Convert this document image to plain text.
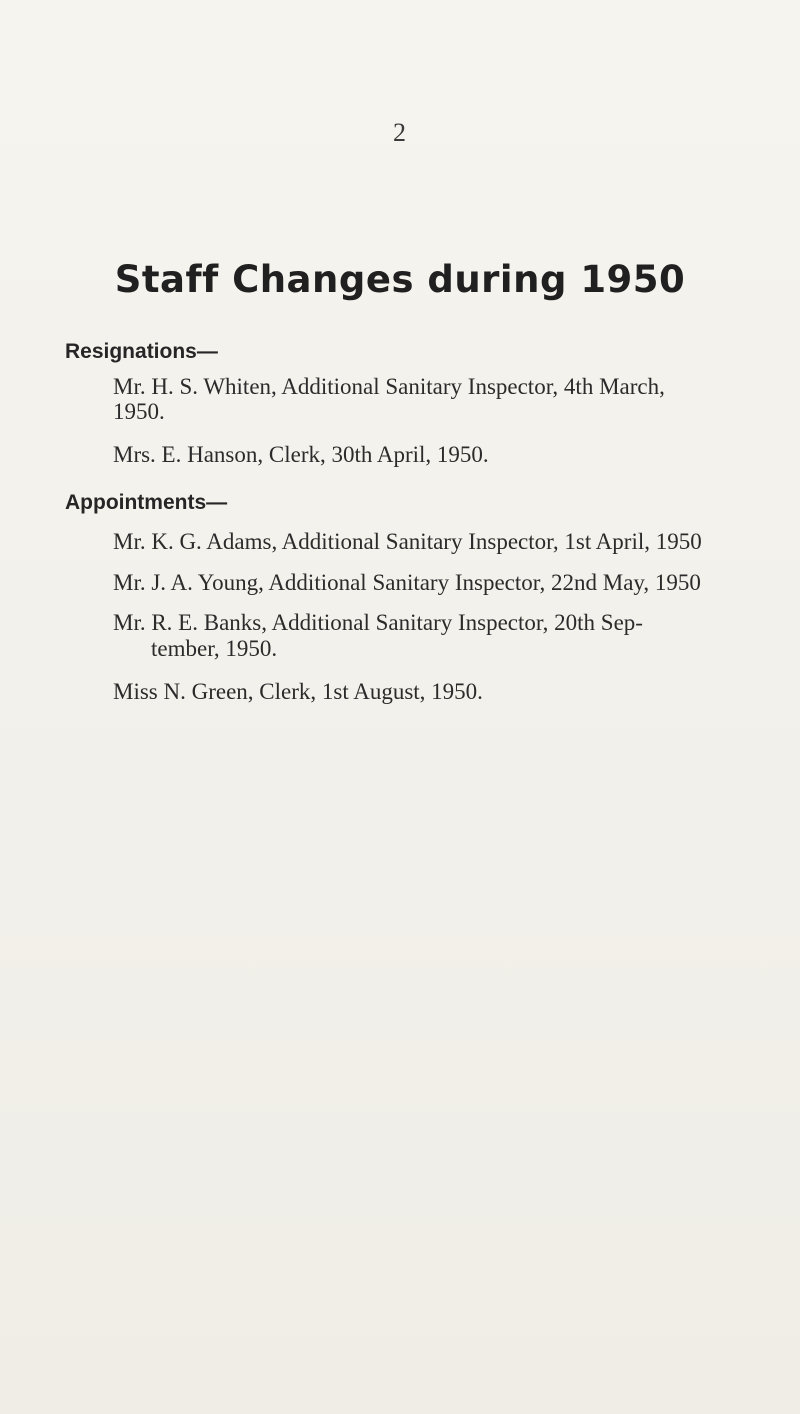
2
Staff Changes during 1950
Resignations—
Mr. H. S. Whiten, Additional Sanitary Inspector, 4th March,
1950.
Mrs. E. Hanson, Clerk, 30th April, 1950.
Appointments—
Mr. K. G. Adams, Additional Sanitary Inspector, 1st April, 1950
Mr. J. A. Young, Additional Sanitary Inspector, 22nd May, 1950
Mr. R. E. Banks, Additional Sanitary Inspector, 20th Sep-
tember, 1950.
Miss N. Green, Clerk, 1st August, 1950.
